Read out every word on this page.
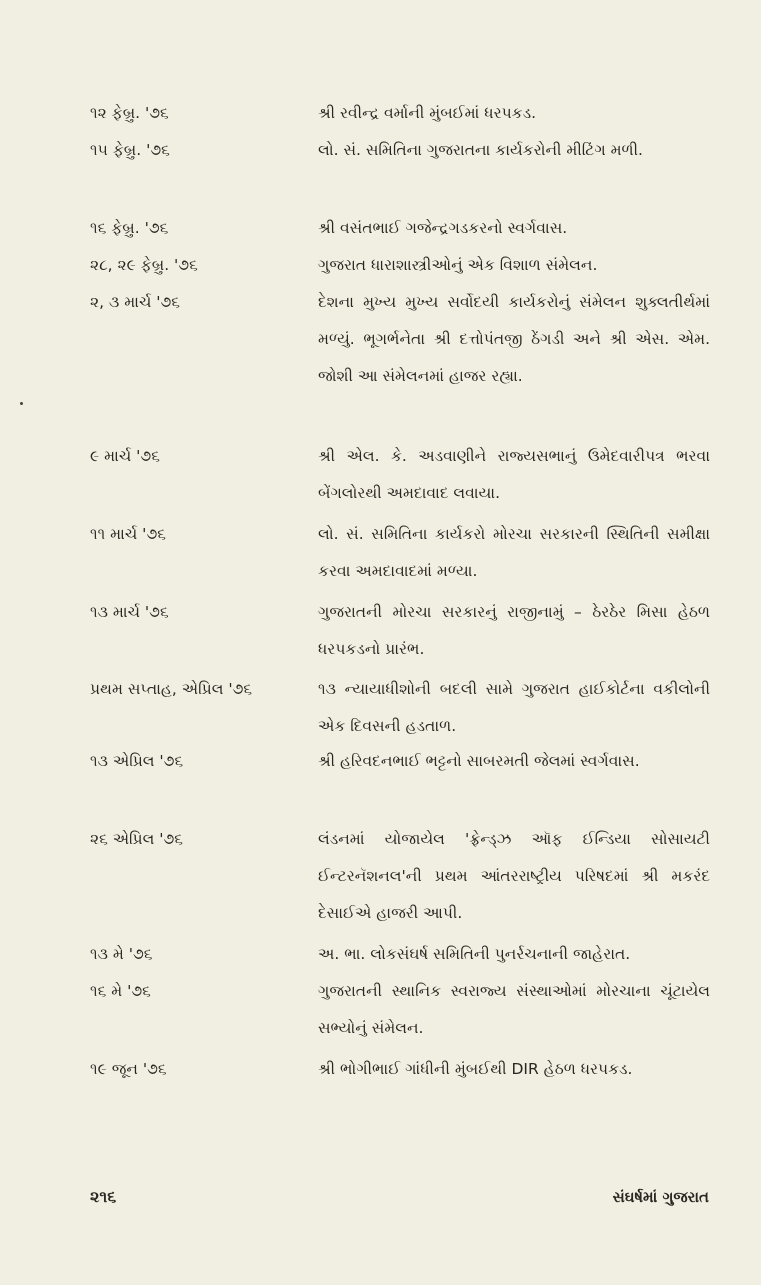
૧૨ ફેબ્રુ. '૭૬	શ્રી રવીન્દ્ર વર્માની મુંબઈમાં ધરપકડ.
૧૫ ફેબ્રુ. '૭૬	લો. સં. સમિતિના ગુજરાતના કાર્યકરોની મીટિંગ મળી.
૧૬ ફેબ્રુ. '૭૬	શ્રી વસંતભાઈ ગજેન્દ્રગડકરનો સ્વર્ગવાસ.
૨૮, ૨૯ ફેબ્રુ. '૭૬	ગુજરાત ધારાશાસ્ત્રીઓનું એક વિશાળ સંમેલન.
૨, ૩ માર્ચ '૭૬	દેશના મુખ્ય મુખ્ય સર્વોદયી કાર્યકરોનું સંમેલન શુક્લતીર્થમાં મળ્યું. ભૂગર્ભનેતા શ્રી દત્તોપંતજી ઠેંગડી અને શ્રી એસ. એમ. જોશી આ સંમેલનમાં હાજર રહ્યા.
૯ માર્ચ '૭૬	શ્રી એલ. કે. અડવાણીને રાજ્યસભાનું ઉમેદવારીપત્ર ભરવા બેંગલોરથી અમદાવાદ લવાયા.
૧૧ માર્ચ '૭૬	લો. સં. સમિતિના કાર્યકરો મોરચા સરકારની સ્થિતિની સમીક્ષા કરવા અમદાવાદમાં મળ્યા.
૧૩ માર્ચ '૭૬	ગુજરાતની મોરચા સરકારનું રાજીનામું – ઠેરઠેર મિસા હેઠળ ધરપકડનો પ્રારંભ.
પ્રથમ સપ્તાહ, એપ્રિલ '૭૬	૧૩ ન્યાયાધીશોની બદલી સામે ગુજરાત હાઈકોર્ટના વકીલોની એક દિવસની હડતાળ.
૧૩ એપ્રિલ '૭૬	શ્રી હરિવદનભાઈ ભટ્ટનો સાબરમતી જેલમાં સ્વર્ગવાસ.
૨૬ એપ્રિલ '૭૬	લંડનમાં યોજાયેલ 'ફ્રેન્ડ્ઝ ઑફ ઈન્ડિયા સોસાયટી ઈન્ટરનૅશનલ'ની પ્રથમ આંતરરાષ્ટ્રીય પરિષદમાં શ્રી મકરંદ દેસાઈએ હાજરી આપી.
૧૩ મે '૭૬	અ. ભા. લોકસંઘર્ષ સમિતિની પુનર્રચનાની જાહેરાત.
૧૬ મે '૭૬	ગુજરાતની સ્થાનિક સ્વરાજ્ય સંસ્થાઓમાં મોરચાના ચૂંટાયેલ સભ્યોનું સંમેલન.
૧૯ જૂન '૭૬	શ્રી ભોગીભાઈ ગાંધીની મુંબઈથી DIR હેઠળ ધરપકડ.
૨૧૬	સંઘર્ષમાં ગુજરાત
